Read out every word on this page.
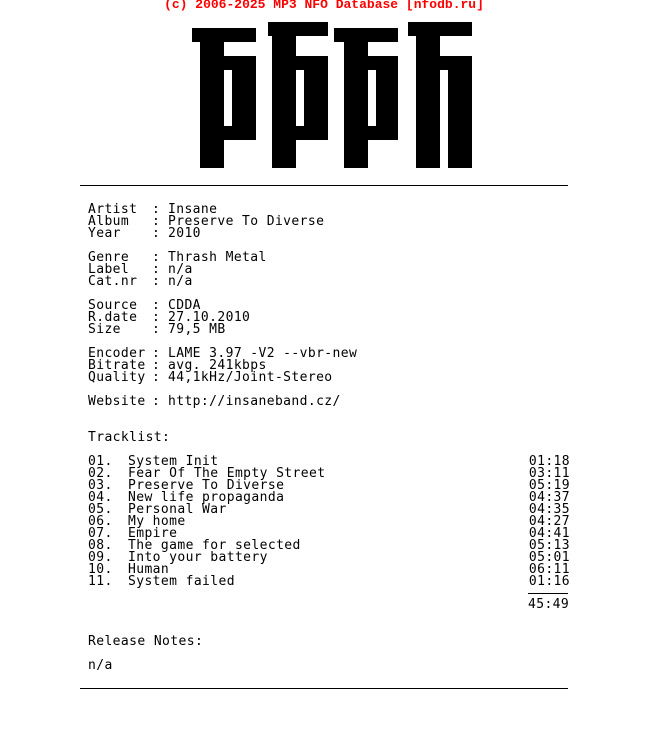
(c) 2006-2025 MP3 NFO Database [nfodb.ru]
Artist : Insane
Album : Preserve To Diverse
Year : 2010
Genre : Thrash Metal
Label : n/a
Cat.nr : n/a
Source : CDDA
R.date : 27.10.2010
Size : 79,5 MB
Encoder : LAME 3.97 -V2 --vbr-new
Bitrate : avg. 241kbps
Quality : 44,1kHz/Joint-Stereo
Website : http://insaneband.cz/
Tracklist:
01. System Init	01:18
02. Fear Of The Empty Street	03:11
03. Preserve To Diverse	05:19
04. New life propaganda	04:37
05. Personal War	04:35
06. My home	04:27
07. Empire	04:41
08. The game for selected	05:13
09. Into your battery	05:01
10. Human	06:11
11. System failed	01:16
45:49
Release Notes:
n/a
